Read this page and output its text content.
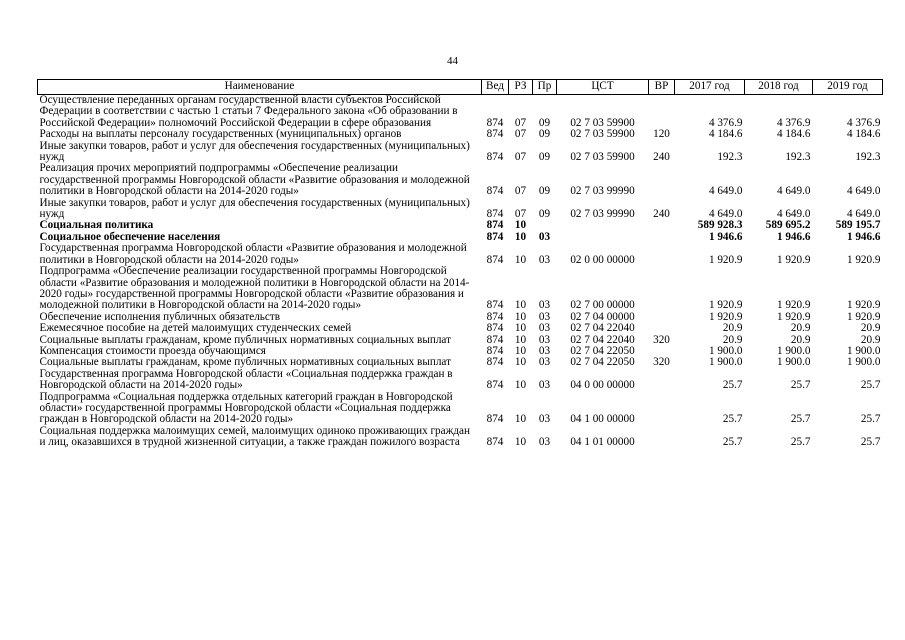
44
Наименование	Вед	РЗ	Пр	ЦСТ	ВР	2017 год	2018 год	2019 год
Осуществление переданных органам государственной власти субъектов Российской Федерации в соответствии с частью 1 статьи 7 Федерального закона «Об образовании в Российской Федерации» полномочий Российской Федерации в сфере образования	874	07	09	02 7 03 59900		4 376.9	4 376.9	4 376.9
Расходы на выплаты персоналу государственных (муниципальных) органов	874	07	09	02 7 03 59900	120	4 184.6	4 184.6	4 184.6
Иные закупки товаров, работ и услуг для обеспечения государственных (муниципальных) нужд	874	07	09	02 7 03 59900	240	192.3	192.3	192.3
Реализация прочих мероприятий подпрограммы «Обеспечение реализации государственной программы Новгородской области «Развитие образования и молодежной политики в Новгородской области на 2014-2020 годы»	874	07	09	02 7 03 99990		4 649.0	4 649.0	4 649.0
Иные закупки товаров, работ и услуг для обеспечения государственных (муниципальных) нужд	874	07	09	02 7 03 99990	240	4 649.0	4 649.0	4 649.0
Социальная политика	874	10				589 928.3	589 695.2	589 195.7
Социальное обеспечение населения	874	10	03			1 946.6	1 946.6	1 946.6
Государственная программа Новгородской области «Развитие образования и молодежной политики в Новгородской области на 2014-2020 годы»	874	10	03	02 0 00 00000		1 920.9	1 920.9	1 920.9
Подпрограмма «Обеспечение реализации государственной программы Новгородской области «Развитие образования и молодежной политики в Новгородской области на 2014-2020 годы» государственной программы Новгородской области «Развитие образования и молодежной политики в Новгородской области на 2014-2020 годы»	874	10	03	02 7 00 00000		1 920.9	1 920.9	1 920.9
Обеспечение исполнения публичных обязательств	874	10	03	02 7 04 00000		1 920.9	1 920.9	1 920.9
Ежемесячное пособие на детей малоимущих студенческих семей	874	10	03	02 7 04 22040		20.9	20.9	20.9
Социальные выплаты гражданам, кроме публичных нормативных социальных выплат	874	10	03	02 7 04 22040	320	20.9	20.9	20.9
Компенсация стоимости проезда обучающимся	874	10	03	02 7 04 22050		1 900.0	1 900.0	1 900.0
Социальные выплаты гражданам, кроме публичных нормативных социальных выплат	874	10	03	02 7 04 22050	320	1 900.0	1 900.0	1 900.0
Государственная программа Новгородской области «Социальная поддержка граждан в Новгородской области на 2014-2020 годы»	874	10	03	04 0 00 00000		25.7	25.7	25.7
Подпрограмма «Социальная поддержка отдельных категорий граждан в Новгородской области» государственной программы Новгородской области «Социальная поддержка граждан в Новгородской области на 2014-2020 годы»	874	10	03	04 1 00 00000		25.7	25.7	25.7
Социальная поддержка малоимущих семей, малоимущих одиноко проживающих граждан и лиц, оказавшихся в трудной жизненной ситуации, а также граждан пожилого возраста	874	10	03	04 1 01 00000		25.7	25.7	25.7
